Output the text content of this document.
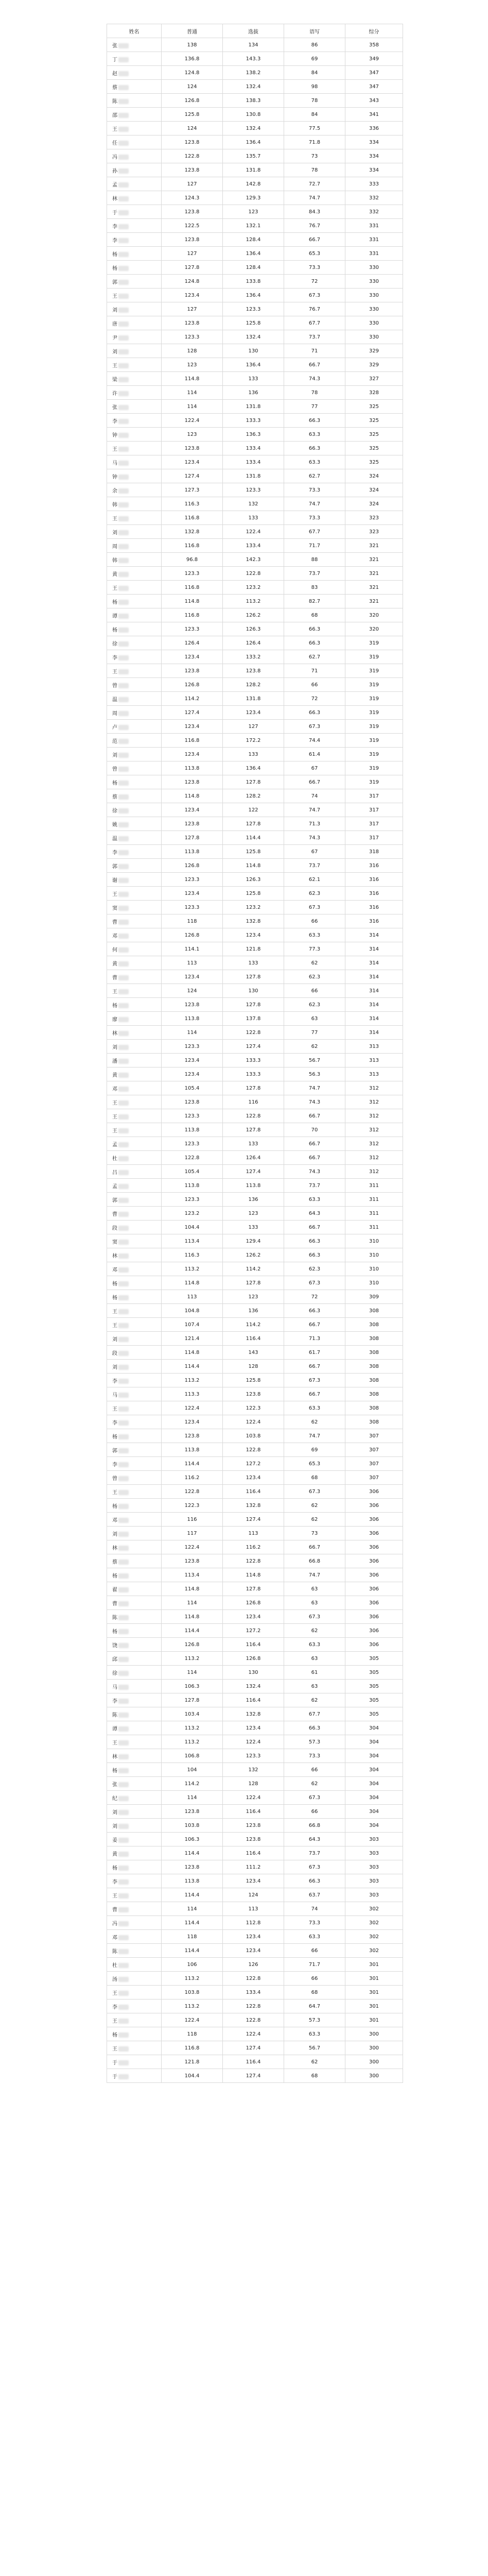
姓名	普通	选拔	语写	综分
张	138	134	86	358
丁	136.8	143.3	69	349
赵	124.8	138.2	84	347
蔡	124	132.4	98	347
陈	126.8	138.3	78	343
邵	125.8	130.8	84	341
王	124	132.4	77.5	336
任	123.8	136.4	71.8	334
冯	122.8	135.7	73	334
孙	123.8	131.8	78	334
孟	127	142.8	72.7	333
林	124.3	129.3	74.7	332
于	123.8	123	84.3	332
李	122.5	132.1	76.7	331
李	123.8	128.4	66.7	331
杨	127	136.4	65.3	331
杨	127.8	128.4	73.3	330
郭	124.8	133.8	72	330
王	123.4	136.4	67.3	330
刘	127	123.3	76.7	330
唐	123.8	125.8	67.7	330
尹	123.3	132.4	73.7	330
刘	128	130	71	329
王	123	136.4	66.7	329
梁	114.8	133	74.3	327
许	114	136	78	328
张	114	131.8	77	325
李	122.4	133.3	66.3	325
钟	123	136.3	63.3	325
王	123.8	133.4	66.3	325
马	123.4	133.4	63.3	325
钟	127.4	131.8	62.7	324
余	127.3	123.3	73.3	324
韩	116.3	132	74.7	324
王	116.8	133	73.3	323
刘	132.8	122.4	67.7	323
周	116.8	133.4	71.7	321
韩	96.8	142.3	88	321
黄	123.3	122.8	73.7	321
王	116.8	123.2	83	321
杨	114.8	113.2	82.7	321
谭	116.8	126.2	68	320
杨	123.3	126.3	66.3	320
徐	126.4	126.4	66.3	319
李	123.4	133.2	62.7	319
王	123.8	123.8	71	319
曾	126.8	128.2	66	319
温	114.2	131.8	72	319
周	127.4	123.4	66.3	319
卢	123.4	127	67.3	319
范	116.8	172.2	74.4	319
刘	123.4	133	61.4	319
曾	113.8	136.4	67	319
杨	123.8	127.8	66.7	319
蔡	114.8	128.2	74	317
徐	123.4	122	74.7	317
姚	123.8	127.8	71.3	317
温	127.8	114.4	74.3	317
李	113.8	125.8	67	318
郭	126.8	114.8	73.7	316
谢	123.3	126.3	62.1	316
王	123.4	125.8	62.3	316
窦	123.3	123.2	67.3	316
曹	118	132.8	66	316
邓	126.8	123.4	63.3	314
何	114.1	121.8	77.3	314
黄	113	133	62	314
曹	123.4	127.8	62.3	314
王	124	130	66	314
杨	123.8	127.8	62.3	314
廖	113.8	137.8	63	314
林	114	122.8	77	314
刘	123.3	127.4	62	313
潘	123.4	133.3	56.7	313
黄	123.4	133.3	56.3	313
邓	105.4	127.8	74.7	312
王	123.8	116	74.3	312
王	123.3	122.8	66.7	312
王	113.8	127.8	70	312
孟	123.3	133	66.7	312
杜	122.8	126.4	66.7	312
吕	105.4	127.4	74.3	312
孟	113.8	113.8	73.7	311
郭	123.3	136	63.3	311
曹	123.2	123	64.3	311
段	104.4	133	66.7	311
窦	113.4	129.4	66.3	310
林	116.3	126.2	66.3	310
邓	113.2	114.2	62.3	310
杨	114.8	127.8	67.3	310
杨	113	123	72	309
王	104.8	136	66.3	308
王	107.4	114.2	66.7	308
刘	121.4	116.4	71.3	308
段	114.8	143	61.7	308
刘	114.4	128	66.7	308
李	113.2	125.8	67.3	308
马	113.3	123.8	66.7	308
王	122.4	122.3	63.3	308
李	123.4	122.4	62	308
杨	123.8	103.8	74.7	307
郭	113.8	122.8	69	307
李	114.4	127.2	65.3	307
曾	116.2	123.4	68	307
王	122.8	116.4	67.3	306
杨	122.3	132.8	62	306
邓	116	127.4	62	306
刘	117	113	73	306
林	122.4	116.2	66.7	306
蔡	123.8	122.8	66.8	306
杨	113.4	114.8	74.7	306
翟	114.8	127.8	63	306
曹	114	126.8	63	306
陈	114.8	123.4	67.3	306
杨	114.4	127.2	62	306
饶	126.8	116.4	63.3	306
邱	113.2	126.8	63	305
徐	114	130	61	305
马	106.3	132.4	63	305
李	127.8	116.4	62	305
陈	103.4	132.8	67.7	305
谭	113.2	123.4	66.3	304
王	113.2	122.4	57.3	304
林	106.8	123.3	73.3	304
杨	104	132	66	304
张	114.2	128	62	304
纪	114	122.4	67.3	304
刘	123.8	116.4	66	304
刘	103.8	123.8	66.8	304
姜	106.3	123.8	64.3	303
黄	114.4	116.4	73.7	303
杨	123.8	111.2	67.3	303
李	113.8	123.4	66.3	303
王	114.4	124	63.7	303
曹	114	113	74	302
冯	114.4	112.8	73.3	302
邓	118	123.4	63.3	302
陈	114.4	123.4	66	302
杜	106	126	71.7	301
汤	113.2	122.8	66	301
王	103.8	133.4	68	301
李	113.2	122.8	64.7	301
王	122.4	122.8	57.3	301
杨	118	122.4	63.3	300
王	116.8	127.4	56.7	300
于	121.8	116.4	62	300
于	104.4	127.4	68	300
